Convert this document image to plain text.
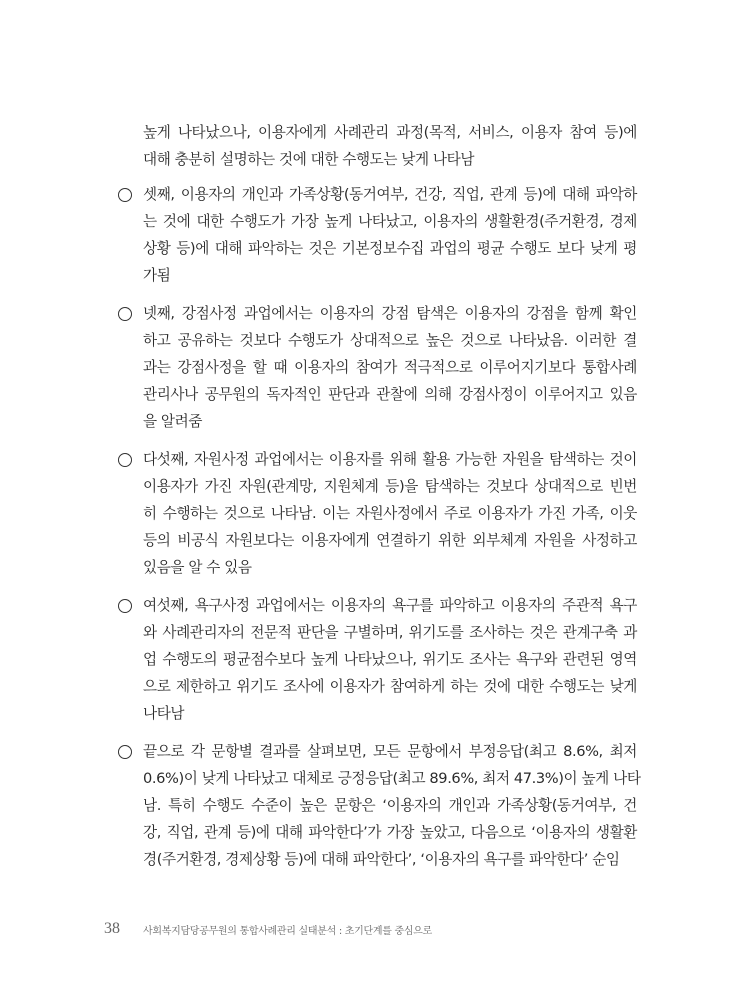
높게 나타났으나, 이용자에게 사례관리 과정(목적, 서비스, 이용자 참여 등)에
대해 충분히 설명하는 것에 대한 수행도는 낮게 나타남
셋째, 이용자의 개인과 가족상황(동거여부, 건강, 직업, 관계 등)에 대해 파악하
는 것에 대한 수행도가 가장 높게 나타났고, 이용자의 생활환경(주거환경, 경제
상황 등)에 대해 파악하는 것은 기본정보수집 과업의 평균 수행도 보다 낮게 평
가됨
넷째, 강점사정 과업에서는 이용자의 강점 탐색은 이용자의 강점을 함께 확인
하고 공유하는 것보다 수행도가 상대적으로 높은 것으로 나타났음. 이러한 결
과는 강점사정을 할 때 이용자의 참여가 적극적으로 이루어지기보다 통합사례
관리사나 공무원의 독자적인 판단과 관찰에 의해 강점사정이 이루어지고 있음
을 알려줌
다섯째, 자원사정 과업에서는 이용자를 위해 활용 가능한 자원을 탐색하는 것이
이용자가 가진 자원(관계망, 지원체계 등)을 탐색하는 것보다 상대적으로 빈번
히 수행하는 것으로 나타남. 이는 자원사정에서 주로 이용자가 가진 가족, 이웃
등의 비공식 자원보다는 이용자에게 연결하기 위한 외부체계 자원을 사정하고
있음을 알 수 있음
여섯째, 욕구사정 과업에서는 이용자의 욕구를 파악하고 이용자의 주관적 욕구
와 사례관리자의 전문적 판단을 구별하며, 위기도를 조사하는 것은 관계구축 과
업 수행도의 평균점수보다 높게 나타났으나, 위기도 조사는 욕구와 관련된 영역
으로 제한하고 위기도 조사에 이용자가 참여하게 하는 것에 대한 수행도는 낮게
나타남
끝으로 각 문항별 결과를 살펴보면, 모든 문항에서 부정응답(최고 8.6%, 최저
0.6%)이 낮게 나타났고 대체로 긍정응답(최고 89.6%, 최저 47.3%)이 높게 나타
남. 특히 수행도 수준이 높은 문항은 ‘이용자의 개인과 가족상황(동거여부, 건
강, 직업, 관계 등)에 대해 파악한다’가 가장 높았고, 다음으로 ‘이용자의 생활환
경(주거환경, 경제상황 등)에 대해 파악한다’, ‘이용자의 욕구를 파악한다’ 순임
38 사회복지담당공무원의 통합사례관리 실태분석 : 초기단계를 중심으로
